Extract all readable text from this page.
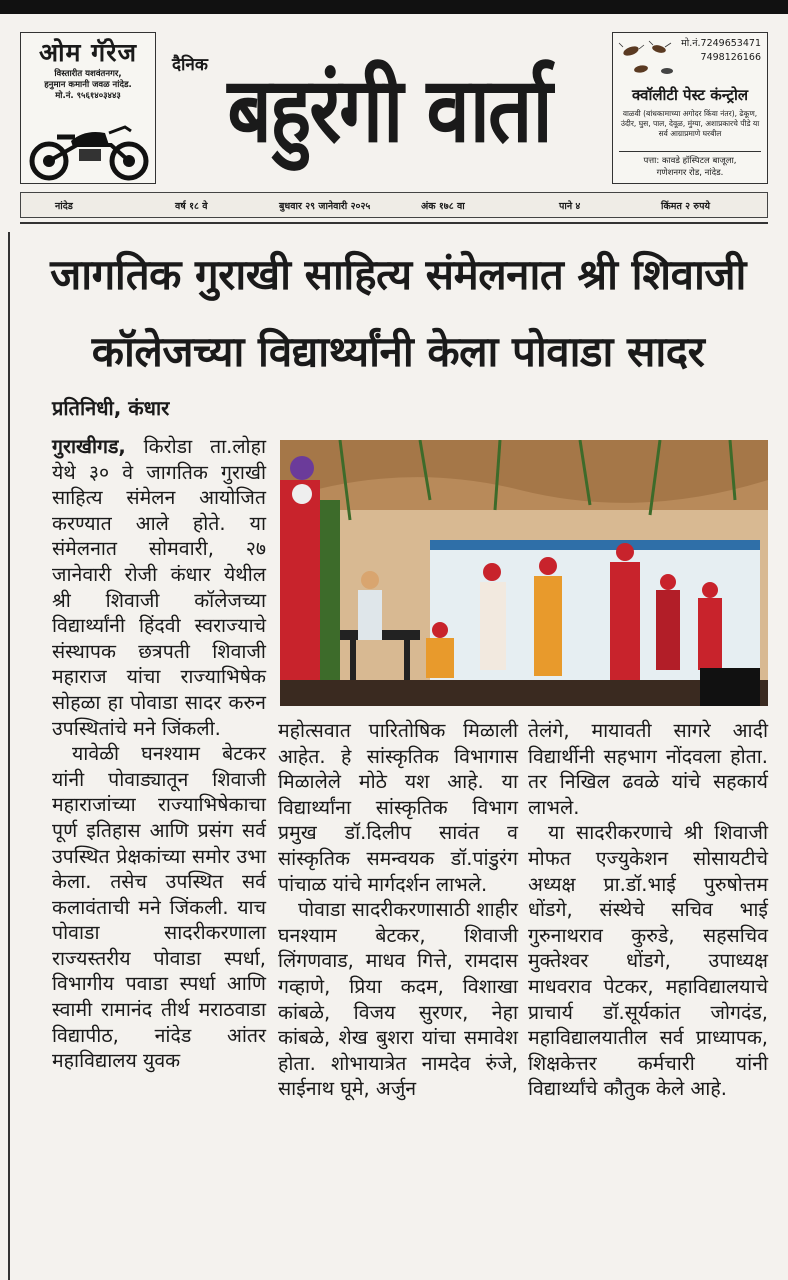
ओम गॅरेज
विस्तारीत यशवंतनगर,
हनुमान कमानी जवळ नांदेड.
मो.नं. ९५६१४०३४४३
दैनिक बहुरंगी वार्ता
मो.नं.7249653471
7498126166
क्वॉलीटी पेस्ट कंन्ट्रोल
वाळवी (बांधकामाच्या अगोदर किंवा नंतर), ढेकूण, उंदीर, घुस, पाल, देवूळ, मुंग्या, अशाप्रकारचे पीडे या सर्व आग्राप्रमाणे घरबील
पत्ता: कावडे हॉस्पिटल बाजूला,
गणेशनगर रोड, नांदेड.
नांदेड	वर्ष १८ वे	बुधवार २९ जानेवारी २०२५	अंक १७८ वा	पाने ४	किंमत २ रुपये
जागतिक गुराखी साहित्य संमेलनात श्री शिवाजी
कॉलेजच्या विद्यार्थ्यांनी केला पोवाडा सादर
प्रतिनिधी, कंधार

गुराखीगड, किरोडा ता.लोहा येथे ३० वे जागतिक गुराखी साहित्य संमेलन आयोजित करण्यात आले होते. या संमेलनात सोमवारी, २७ जानेवारी रोजी कंधार येथील श्री शिवाजी कॉलेजच्या विद्यार्थ्यांनी हिंदवी स्वराज्याचे संस्थापक छत्रपती शिवाजी महाराज यांचा राज्याभिषेक सोहळा हा पोवाडा सादर करुन उपस्थितांचे मने जिंकली.

यावेळी घनश्याम बेटकर यांनी पोवाड्यातून शिवाजी महाराजांच्या राज्याभिषेकाचा पूर्ण इतिहास आणि प्रसंग सर्व उपस्थित प्रेक्षकांच्या समोर उभा केला. तसेच उपस्थित सर्व कलावंताची मने जिंकली. याच पोवाडा सादरीकरणाला राज्यस्तरीय पोवाडा स्पर्धा, विभागीय पवाडा स्पर्धा आणि स्वामी रामानंद तीर्थ मराठवाडा विद्यापीठ, नांदेड आंतर महाविद्यालय युवक

महोत्सवात पारितोषिक मिळाली आहेत. हे सांस्कृतिक विभागास मिळालेले मोठे यश आहे. या विद्यार्थ्यांना सांस्कृतिक विभाग प्रमुख डॉ.दिलीप सावंत व सांस्कृतिक समन्वयक डॉ.पांडुरंग पांचाळ यांचे मार्गदर्शन लाभले.

पोवाडा सादरीकरणासाठी शाहीर घनश्याम बेटकर, शिवाजी लिंगणवाड, माधव गित्ते, रामदास गव्हाणे, प्रिया कदम, विशाखा कांबळे, विजय सुरणर, नेहा कांबळे, शेख बुशरा यांचा समावेश होता. शोभायात्रेत नामदेव रुंजे, साईनाथ घूमे, अर्जुन

तेलंगे, मायावती सागरे आदी विद्यार्थीनी सहभाग नोंदवला होता. तर निखिल ढवळे यांचे सहकार्य लाभले.

या सादरीकरणाचे श्री शिवाजी मोफत एज्युकेशन सोसायटीचे अध्यक्ष प्रा.डॉ.भाई पुरुषोत्तम धोंडगे, संस्थेचे सचिव भाई गुरुनाथराव कुरुडे, सहसचिव मुक्तेश्वर धोंडगे, उपाध्यक्ष माधवराव पेटकर, महाविद्यालयाचे प्राचार्य डॉ.सूर्यकांत जोगदंड, महाविद्यालयातील सर्व प्राध्यापक, शिक्षकेत्तर कर्मचारी यांनी विद्यार्थ्यांचे कौतुक केले आहे.
